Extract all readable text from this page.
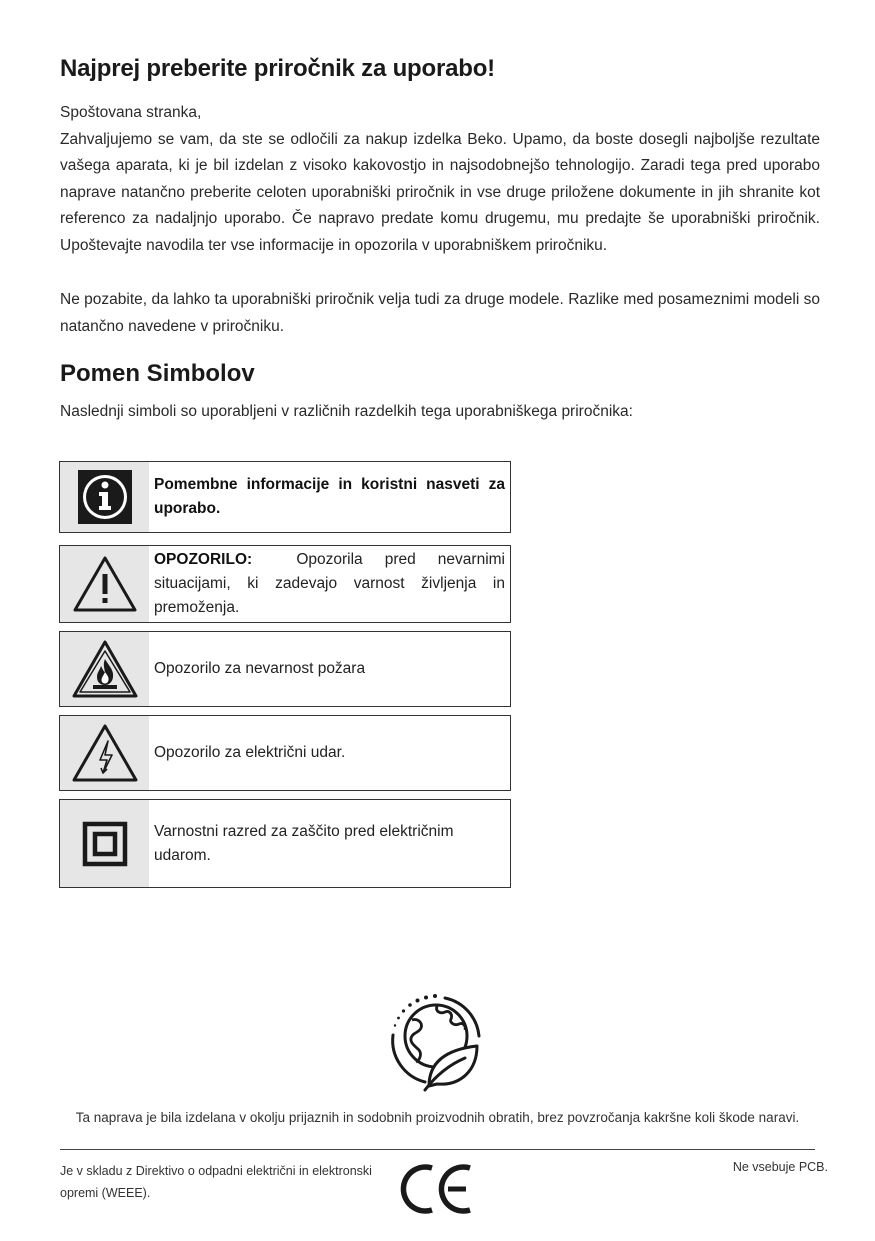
Najprej preberite priročnik za uporabo!

Spoštovana stranka,

Zahvaljujemo se vam, da ste se odločili za nakup izdelka Beko. Upamo, da boste dosegli najboljše rezultate vašega aparata, ki je bil izdelan z visoko kakovostjo in najsodobnejšo tehnologijo. Zaradi tega pred uporabo naprave natančno preberite celoten uporabniški priročnik in vse druge priložene dokumente in jih shranite kot referenco za nadaljnjo uporabo. Če napravo predate komu drugemu, mu predajte še uporabniški priročnik. Upoštevajte navodila ter vse informacije in opozorila v uporabniškem priročniku.

Ne pozabite, da lahko ta uporabniški priročnik velja tudi za druge modele. Razlike med posameznimi modeli so natančno navedene v priročniku.
Pomen Simbolov
Naslednji simboli so uporabljeni v različnih razdelkih tega uporabniškega priročnika:
Pomembne informacije in koristni nasveti za uporabo.
OPOZORILO:	Opozorila pred nevarnimi situacijami, ki zadevajo varnost življenja in premoženja.
Opozorilo za nevarnost požara
Opozorilo za električni udar.
Varnostni razred za zaščito pred električnim udarom.
Ta naprava je bila izdelana v okolju prijaznih in sodobnih proizvodnih obratih, brez povzročanja kakršne koli škode naravi.
Je v skladu z Direktivo o odpadni električni in elektronski opremi (WEEE).
Ne vsebuje PCB.
